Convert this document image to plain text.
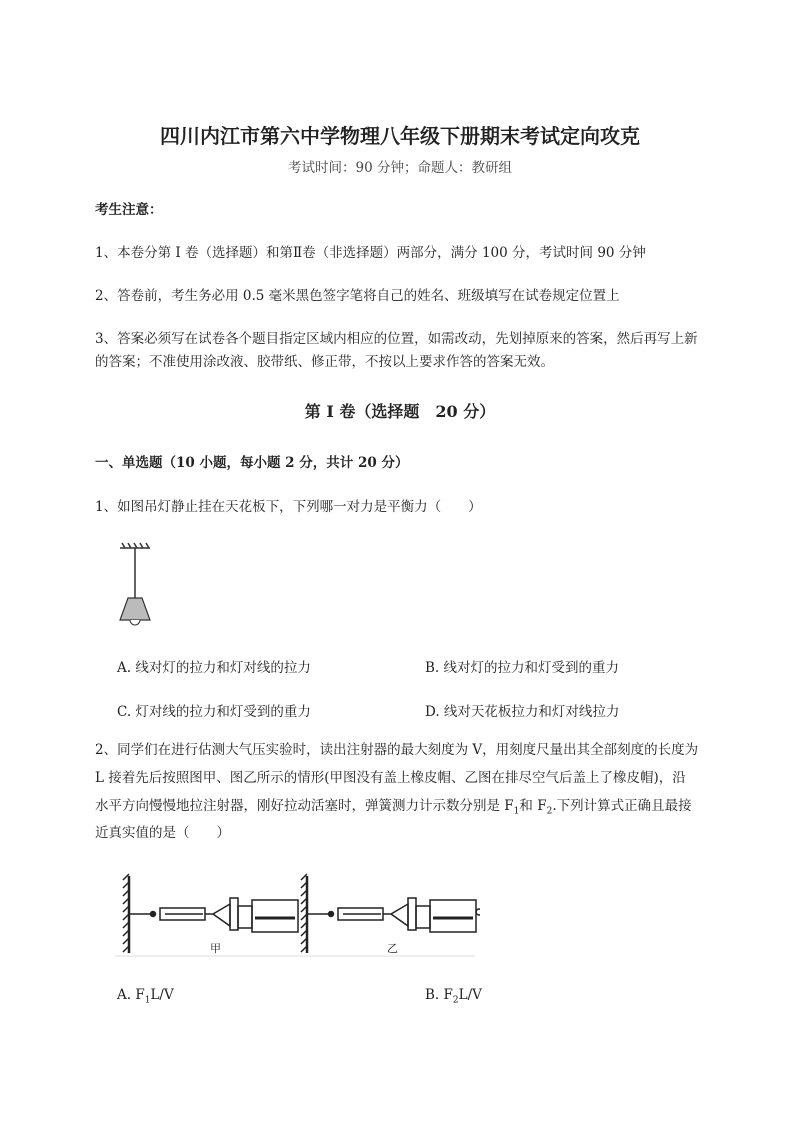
四川内江市第六中学物理八年级下册期末考试定向攻克
考试时间：90 分钟；命题人：教研组
考生注意：
1、本卷分第 I 卷（选择题）和第Ⅱ卷（非选择题）两部分，满分 100 分，考试时间 90 分钟
2、答卷前，考生务必用 0.5 毫米黑色签字笔将自己的姓名、班级填写在试卷规定位置上
3、答案必须写在试卷各个题目指定区域内相应的位置，如需改动，先划掉原来的答案，然后再写上新
的答案；不准使用涂改液、胶带纸、修正带，不按以上要求作答的答案无效。
第 I 卷（选择题　20 分）
一、单选题（10 小题，每小题 2 分，共计 20 分）
1、如图吊灯静止挂在天花板下，下列哪一对力是平衡力（　　）
A. 线对灯的拉力和灯对线的拉力	B. 线对灯的拉力和灯受到的重力
C. 灯对线的拉力和灯受到的重力	D. 线对天花板拉力和灯对线拉力
2、同学们在进行估测大气压实验时，读出注射器的最大刻度为 V，用刻度尺量出其全部刻度的长度为
L 接着先后按照图甲、图乙所示的情形(甲图没有盖上橡皮帽、乙图在排尽空气后盖上了橡皮帽)，沿
水平方向慢慢地拉注射器，刚好拉动活塞时，弹簧测力计示数分别是 $F_1$和 $F_2$.下列计算式正确且最接
近真实值的是（　　）
甲	乙
A. $F_1L/V$	B. $F_2L/V$
